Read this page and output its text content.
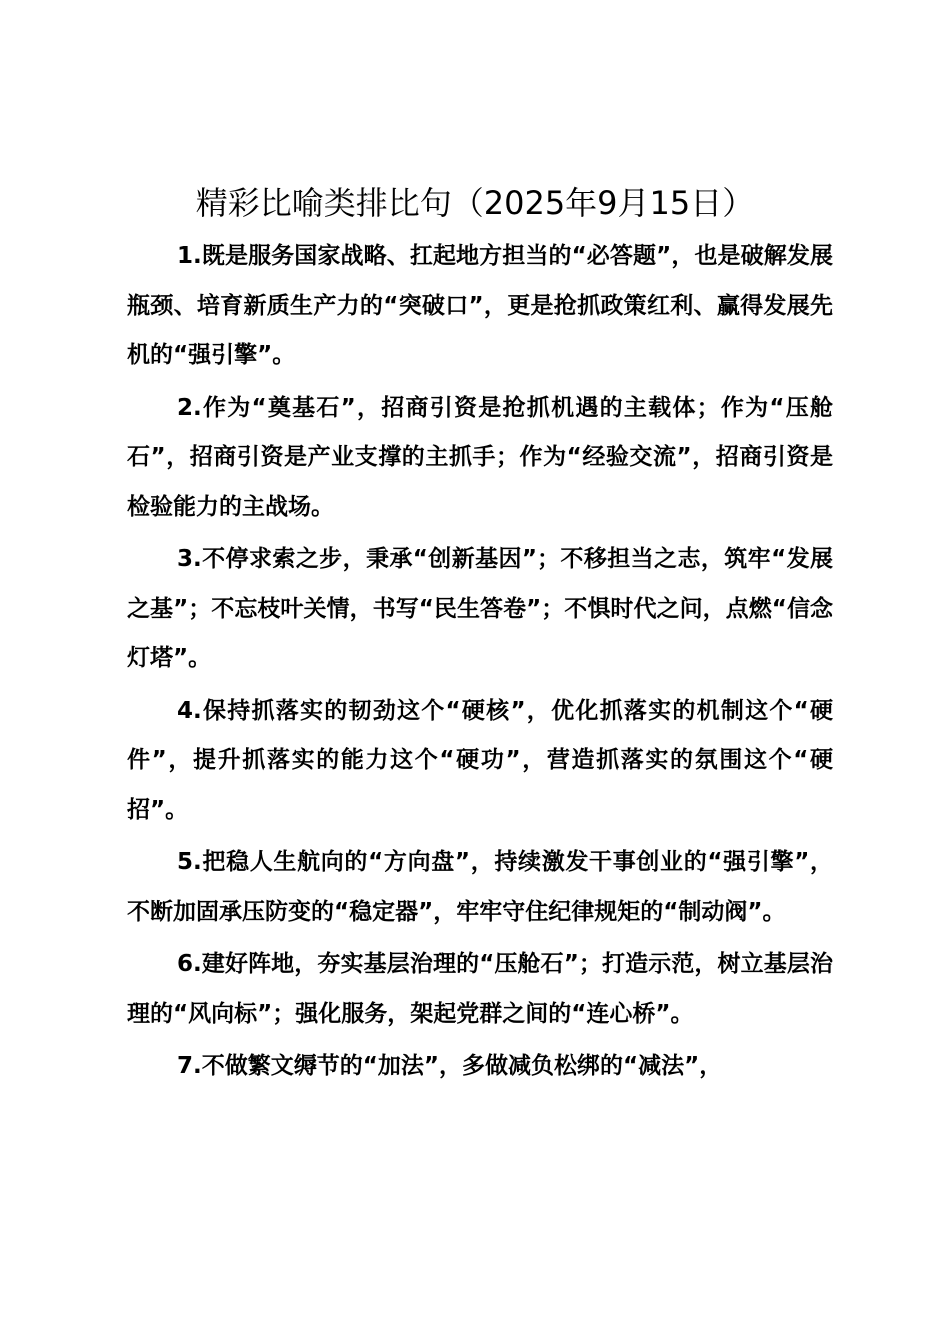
精彩比喻类排比句（2025年9月15日）

1.既是服务国家战略、扛起地方担当的“必答题”，也是破解发展瓶颈、培育新质生产力的“突破口”，更是抢抓政策红利、赢得发展先机的“强引擎”。

2.作为“奠基石”，招商引资是抢抓机遇的主载体；作为“压舱石”，招商引资是产业支撑的主抓手；作为“经验交流”，招商引资是检验能力的主战场。

3.不停求索之步，秉承“创新基因”；不移担当之志，筑牢“发展之基”；不忘枝叶关情，书写“民生答卷”；不惧时代之问，点燃“信念灯塔”。

4.保持抓落实的韧劲这个“硬核”，优化抓落实的机制这个“硬件”，提升抓落实的能力这个“硬功”，营造抓落实的氛围这个“硬招”。

5.把稳人生航向的“方向盘”，持续激发干事创业的“强引擎”，不断加固承压防变的“稳定器”，牢牢守住纪律规矩的“制动阀”。

6.建好阵地，夯实基层治理的“压舱石”；打造示范，树立基层治理的“风向标”；强化服务，架起党群之间的“连心桥”。

7.不做繁文缛节的“加法”，多做减负松绑的“减法”，
